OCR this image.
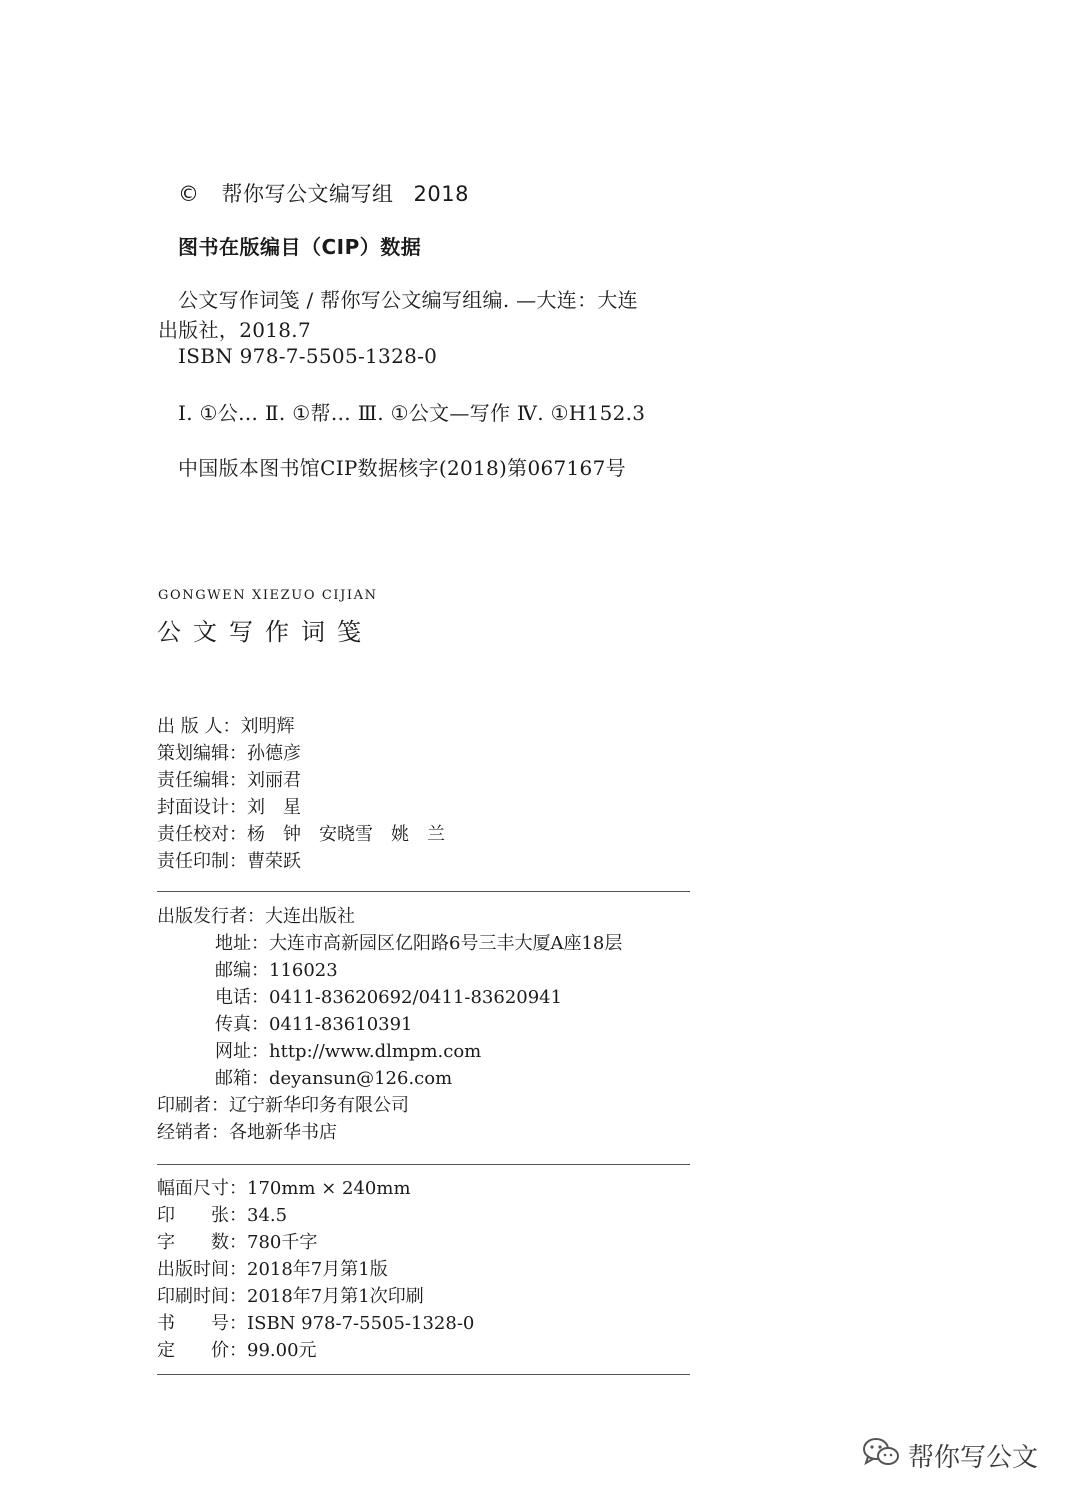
© 帮你写公文编写组 2018
图书在版编目（CIP）数据
公文写作词笺 / 帮你写公文编写组编. —大连：大连
出版社，2018.7
ISBN 978-7-5505-1328-0
Ⅰ. ①公… Ⅱ. ①帮… Ⅲ. ①公文—写作 Ⅳ. ①H152.3
中国版本图书馆CIP数据核字(2018)第067167号
GONGWEN XIEZUO CIJIAN
公文写作词笺
出 版 人： 刘明辉
策划编辑： 孙德彦
责任编辑： 刘丽君
封面设计： 刘　星
责任校对： 杨　钟　安晓雪　姚　兰
责任印制： 曹荣跃
出版发行者： 大连出版社
地址： 大连市高新园区亿阳路6号三丰大厦A座18层
邮编： 116023
电话： 0411-83620692/0411-83620941
传真： 0411-83610391
网址： http://www.dlmpm.com
邮箱： deyansun@126.com
印刷者： 辽宁新华印务有限公司
经销者： 各地新华书店
幅面尺寸： 170mm × 240mm
印　　张： 34.5
字　　数： 780千字
出版时间： 2018年7月第1版
印刷时间： 2018年7月第1次印刷
书　　号： ISBN 978-7-5505-1328-0
定　　价： 99.00元
帮你写公文
